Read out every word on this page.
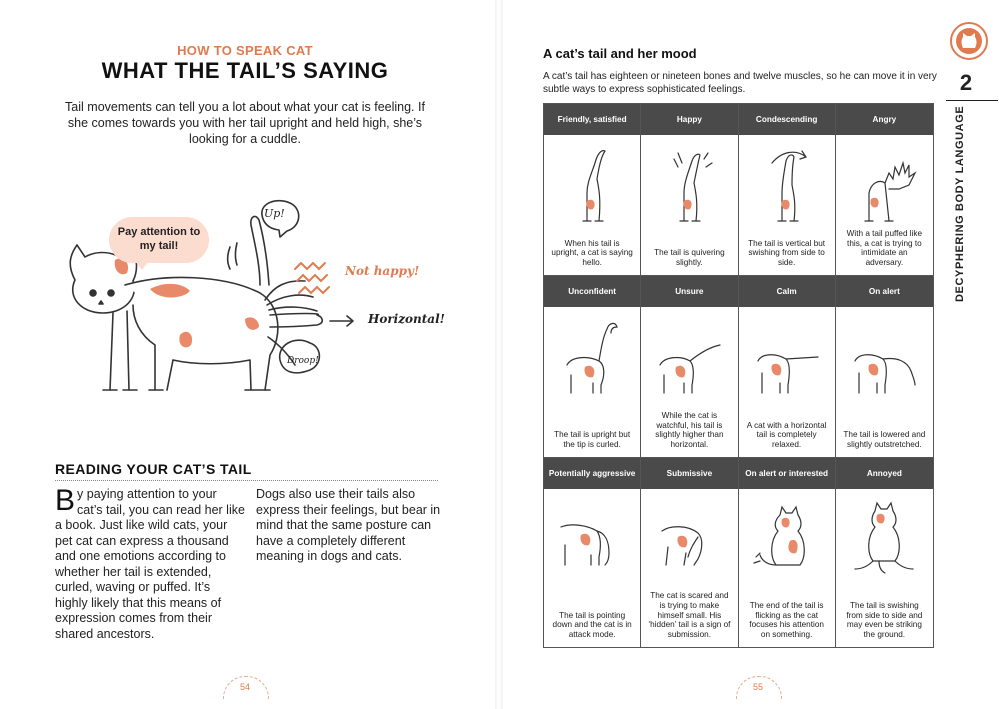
HOW TO SPEAK CAT
WHAT THE TAIL’S SAYING
Tail movements can tell you a lot about what your cat is feeling. If she comes towards you with her tail upright and held high, she’s looking for a cuddle.
Pay attention to my tail!
Up!
Not happy!
Horizontal!
Droop!
READING YOUR CAT’S TAIL
By paying attention to your cat’s tail, you can read her like a book. Just like wild cats, your pet cat can express a thousand and one emotions according to whether her tail is extended, curled, waving or puffed. It’s highly likely that this means of expression comes from their shared ancestors.
Dogs also use their tails also express their feelings, but bear in mind that the same posture can have a completely different meaning in dogs and cats.
54
A cat’s tail and her mood
A cat’s tail has eighteen or nineteen bones and twelve muscles, so he can move it in very subtle ways to express sophisticated feelings.
Friendly, satisfied
When his tail is upright, a cat is saying hello.
Happy
The tail is quivering slightly.
Condescending
The tail is vertical but swishing from side to side.
Angry
With a tail puffed like this, a cat is trying to intimidate an adversary.
Unconfident
The tail is upright but the tip is curled.
Unsure
While the cat is watchful, his tail is slightly higher than horizontal.
Calm
A cat with a horizontal tail is completely relaxed.
On alert
The tail is lowered and slightly outstretched.
Potentially aggressive
The tail is pointing down and the cat is in attack mode.
Submissive
The cat is scared and is trying to make himself small. His ‘hidden’ tail is a sign of submission.
On alert or interested
The end of the tail is flicking as the cat focuses his attention on something.
Annoyed
The tail is swishing from side to side and may even be striking the ground.
2
DECYPHERING BODY LANGUAGE
55
